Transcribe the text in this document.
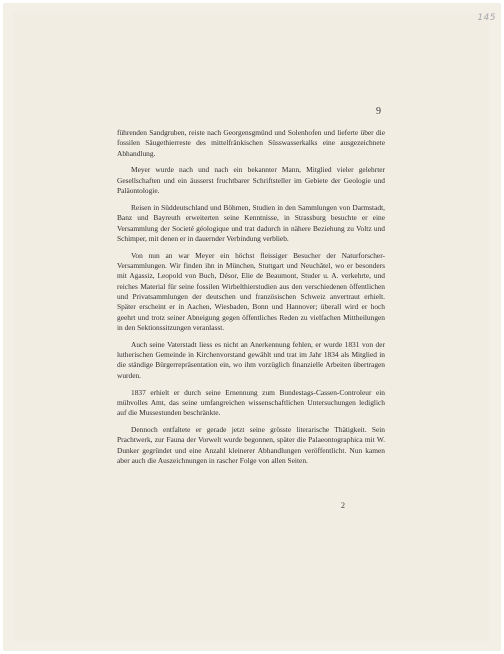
145
9

führenden Sandgruben, reiste nach Georgensgmünd und Solenhofen und lieferte über die fossilen Säugethierreste des mittelfränkischen Süsswasserkalks eine ausgezeichnete Abhandlung.

Meyer wurde nach und nach ein bekannter Mann, Mitglied vieler gelehrter Gesellschaften und ein äusserst fruchtbarer Schriftsteller im Gebiete der Geologie und Paläontologie.

Reisen in Süddeutschland und Böhmen, Studien in den Sammlungen von Darmstadt, Banz und Bayreuth erweiterten seine Kenntnisse, in Strassburg besuchte er eine Versammlung der Societé géologique und trat dadurch in nähere Beziehung zu Voltz und Schimper, mit denen er in dauernder Verbindung verblieb.

Von nun an war Meyer ein höchst fleissiger Besucher der Naturforscher-Versammlungen. Wir finden ihn in München, Stuttgart und Neuchâtel, wo er besonders mit Agassiz, Leopold von Buch, Désor, Elie de Beaumont, Studer u. A. verkehrte, und reiches Material für seine fossilen Wirbelthierstudien aus den verschiedenen öffentlichen und Privatsammlungen der deutschen und französischen Schweiz anvertraut erhielt. Später erscheint er in Aachen, Wiesbaden, Bonn und Hannover; überall wird er hoch geehrt und trotz seiner Abneigung gegen öffentliches Reden zu vielfachen Mittheilungen in den Sektionssitzungen veranlasst.

Auch seine Vaterstadt liess es nicht an Anerkennung fehlen, er wurde 1831 von der lutherischen Gemeinde in Kirchenvorstand gewählt und trat im Jahr 1834 als Mitglied in die ständige Bürgerrepräsentation ein, wo ihm vorzüglich finanzielle Arbeiten übertragen wurden.

1837 erhielt er durch seine Ernennung zum Bundestags-Cassen-Controleur ein mühvolles Amt, das seine umfangreichen wissenschaftlichen Untersuchungen lediglich auf die Mussestunden beschränkte.

Dennoch entfaltete er gerade jetzt seine grösste literarische Thätigkeit. Sein Prachtwerk, zur Fauna der Vorwelt wurde begonnen, später die Palaeontographica mit W. Dunker gegründet und eine Anzahl kleinerer Abhandlungen veröffentlicht. Nun kamen aber auch die Auszeichnungen in rascher Folge von allen Seiten.

2
